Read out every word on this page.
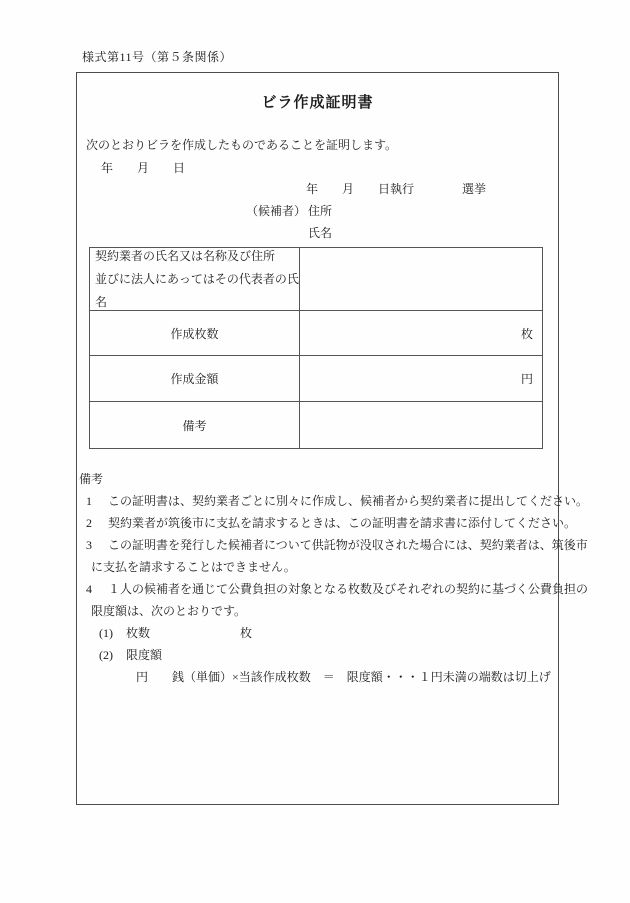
様式第11号（第５条関係）
ビラ作成証明書
次のとおりビラを作成したものであることを証明します。
年　　月　　日
年　　月　　日執行　　　　選挙
（候補者） 住所
氏名
契約業者の氏名又は名称及び住所
並びに法人にあってはその代表者の氏名
作成枚数	枚
作成金額	円
備考
備考
1 この証明書は、契約業者ごとに別々に作成し、候補者から契約業者に提出してください。
2 契約業者が筑後市に支払を請求するときは、この証明書を請求書に添付してください。
3 この証明書を発行した候補者について供託物が没収された場合には、契約業者は、筑後市
に支払を請求することはできません。
4 １人の候補者を通じて公費負担の対象となる枚数及びそれぞれの契約に基づく公費負担の
限度額は、次のとおりです。
(1) 枚数	枚
(2) 限度額
円　　銭（単価）×当該作成枚数　＝　限度額・・・１円未満の端数は切上げ
